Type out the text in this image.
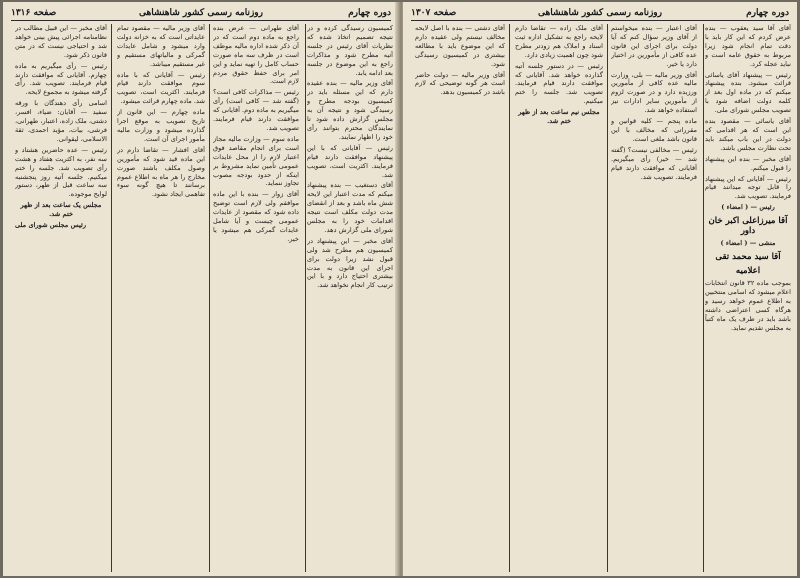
دوره چهارم
روزنامه رسمی کشور شاهنشاهی
صفحه ۱۳۱۶

کمیسیون رسیدگی کرده و در نتیجه تصمیم اتخاذ شده که نظریات آقای رئیس در جلسه آتیه مطرح شود و مذاکرات راجع به این موضوع در جلسه بعد ادامه یابد.

آقای وزیر مالیه — بنده عقیده دارم که این مسئله باید در کمیسیون بودجه مطرح و رسیدگی شود و نتیجه آن به مجلس گزارش داده شود تا نمایندگان محترم بتوانند رأی خود را اظهار نمایند.

رئیس — آقایانی که با این پیشنهاد موافقت دارند قیام فرمایند. اکثریت است، تصویب شد.

آقای دستغیب — بنده پیشنهاد میکنم که مدت اعتبار این لایحه شش ماه باشد و بعد از انقضای مدت دولت مکلف است نتیجه اقدامات خود را به مجلس شورای ملی گزارش دهد.

آقای مخبر — این پیشنهاد در کمیسیون هم مطرح شد ولی قبول نشد زیرا دولت برای اجرای این قانون به مدت بیشتری احتیاج دارد و با این ترتیب کار انجام نخواهد شد.

آقای طهرانی — عرض بنده راجع به ماده دوم است که در آن ذکر شده اداره مالیه موظف است در ظرف سه ماه صورت حساب کامل را تهیه نماید و این امر برای حفظ حقوق مردم لازم است.

رئیس — مذاکرات کافی است؟ (گفته شد — کافی است) رأی میگیریم به ماده دوم. آقایانی که موافقت دارند قیام فرمایند. تصویب شد.

ماده سوم — وزارت مالیه مجاز است برای انجام مقاصد فوق اعتبار لازم را از محل عایدات عمومی تأمین نماید مشروط بر اینکه از حدود بودجه مصوب تجاوز ننماید.

آقای زوار — بنده با این ماده موافقم ولی لازم است توضیح داده شود که مقصود از عایدات عمومی چیست و آیا شامل عایدات گمرکی هم میشود یا خیر.

آقای وزیر مالیه — مقصود تمام عایداتی است که به خزانه دولت وارد میشود و شامل عایدات گمرکی و مالیاتهای مستقیم و غیر مستقیم میباشد.

رئیس — آقایانی که با ماده سوم موافقت دارند قیام فرمایند. اکثریت است، تصویب شد. ماده چهارم قرائت میشود.

ماده چهارم — این قانون از تاریخ تصویب به موقع اجرا گذارده میشود و وزارت مالیه مأمور اجرای آن است.

آقای افشار — تقاضا دارم در این ماده قید شود که مأمورین وصول مکلف باشند صورت مخارج را هر ماه به اطلاع عموم برسانند تا هیچ گونه سوء تفاهمی ایجاد نشود.

آقای مخبر — این قبیل مطالب در نظامنامه اجرائی پیش بینی خواهد شد و احتیاجی نیست که در متن قانون ذکر شود.

رئیس — رأی میگیریم به ماده چهارم. آقایانی که موافقت دارند قیام فرمایند. تصویب شد. رأی گرفته میشود به مجموع لایحه.

اسامی رأی دهندگان با ورقه سفید — آقایان: ضیاء، افسر، دشتی، ملک زاده، اعتبار، طهرانی، فرشی، بیات، مؤید احمدی، ثقة الاسلامی، لیقوانی.

رئیس — عده حاضرین هشتاد و سه نفر، به اکثریت هفتاد و هشت رأی تصویب شد. جلسه را ختم میکنیم. جلسه آتیه روز پنجشنبه سه ساعت قبل از ظهر، دستور لوایح موجوده.

مجلس یک ساعت بعد از ظهر ختم شد.

رئیس مجلس شورای ملی

صفحه ۱۳۰۷	روزنامه رسمی کشور شاهنشاهی	دوره چهارم

آقای آقا سید یعقوب — بنده عرض کردم که این کار باید با دقت تمام انجام شود زیرا مربوط به حقوق عامه است و نباید عجله کرد.

رئیس — پیشنهاد آقای یاسائی قرائت میشود. بنده پیشنهاد میکنم که در ماده اول بعد از کلمه دولت اضافه شود با تصویب مجلس شورای ملی.

آقای یاسائی — مقصود بنده این است که هر اقدامی که دولت در این باب میکند باید تحت نظارت مجلس باشد.

آقای مخبر — بنده این پیشنهاد را قبول میکنم.

رئیس — آقایانی که این پیشنهاد را قابل توجه میدانند قیام فرمایند. تصویب شد.

رئیس — ( امضاء )

آقا میرزاعلی اکبر خان داور

منشی — ( امضاء )

آقا سید محمد تقی
اعلامیه

بموجب ماده ۳۲ قانون انتخابات اعلام میشود که اسامی منتخبین به اطلاع عموم خواهد رسید و هرگاه کسی اعتراضی داشته باشد باید در ظرف یک ماه کتباً به مجلس تقدیم نماید.

آقای اعتبار — بنده میخواستم از آقای وزیر سؤال کنم که آیا دولت برای اجرای این قانون عده کافی از مأمورین در اختیار دارد یا خیر.

آقای وزیر مالیه — بلی، وزارت مالیه عده کافی از مأمورین ورزیده دارد و در صورت لزوم از مأمورین سایر ادارات نیز استفاده خواهد شد.

ماده پنجم — کلیه قوانین و مقرراتی که مخالف با این قانون باشد ملغی است.

رئیس — مخالفی نیست؟ (گفته شد — خیر) رأی میگیریم. آقایانی که موافقت دارند قیام فرمایند. تصویب شد.

آقای ملک زاده — تقاضا دارم لایحه راجع به تشکیل اداره ثبت اسناد و املاک هم زودتر مطرح شود چون اهمیت زیادی دارد.

رئیس — در دستور جلسه آتیه گذارده خواهد شد. آقایانی که موافقت دارند قیام فرمایند. تصویب شد. جلسه را ختم میکنیم.

مجلس نیم ساعت بعد از ظهر ختم شد.

آقای دشتی — بنده با اصل لایحه مخالف نیستم ولی عقیده دارم که این موضوع باید با مطالعه بیشتری در کمیسیون رسیدگی شود.

آقای وزیر مالیه — دولت حاضر است هر گونه توضیحی که لازم باشد در کمیسیون بدهد.
